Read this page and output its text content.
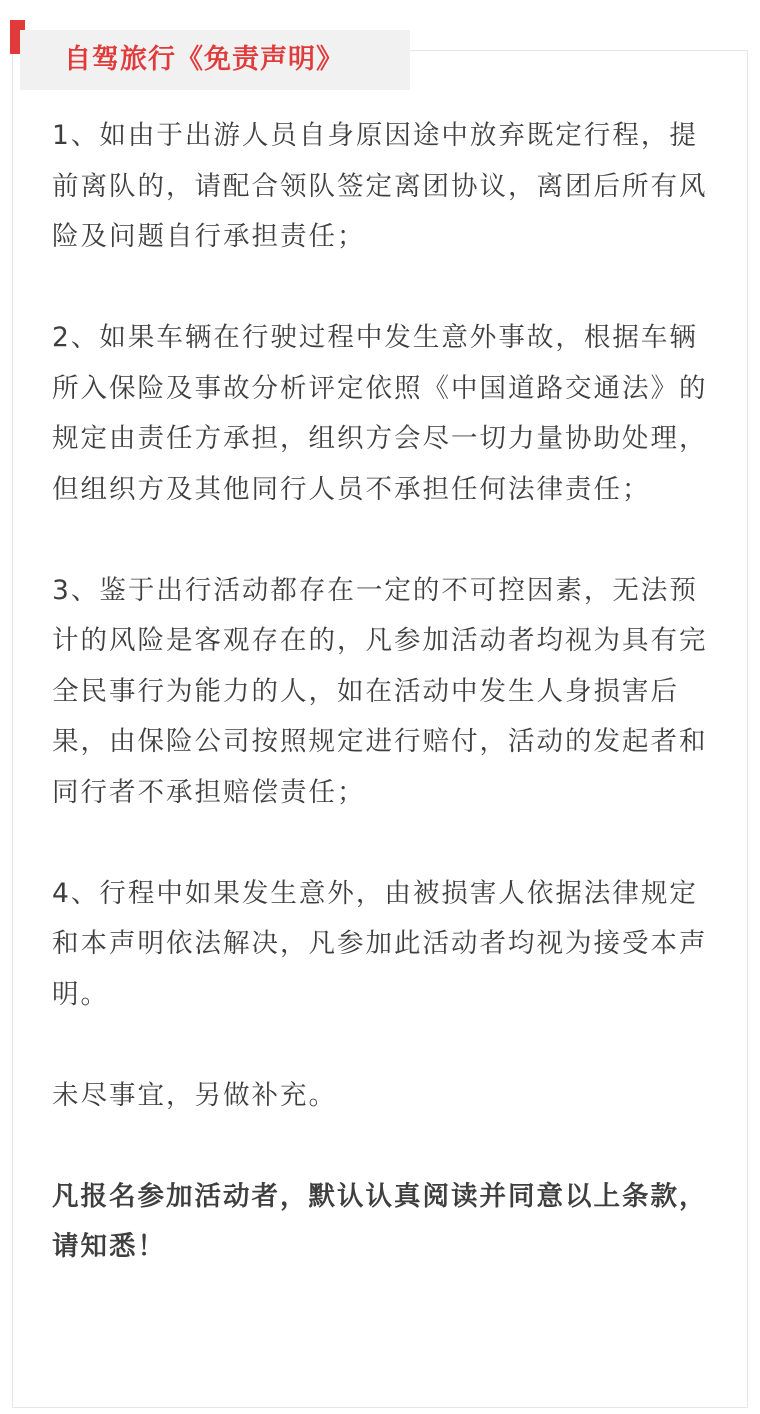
自驾旅行《免责声明》

1、如由于出游人员自身原因途中放弃既定行程，提前离队的，请配合领队签定离团协议，离团后所有风险及问题自行承担责任；

2、如果车辆在行驶过程中发生意外事故，根据车辆所入保险及事故分析评定依照《中国道路交通法》的规定由责任方承担，组织方会尽一切力量协助处理，但组织方及其他同行人员不承担任何法律责任；

3、鉴于出行活动都存在一定的不可控因素，无法预计的风险是客观存在的，凡参加活动者均视为具有完全民事行为能力的人，如在活动中发生人身损害后果，由保险公司按照规定进行赔付，活动的发起者和同行者不承担赔偿责任；

4、行程中如果发生意外，由被损害人依据法律规定和本声明依法解决，凡参加此活动者均视为接受本声明。

未尽事宜，另做补充。

凡报名参加活动者，默认认真阅读并同意以上条款，请知悉！
